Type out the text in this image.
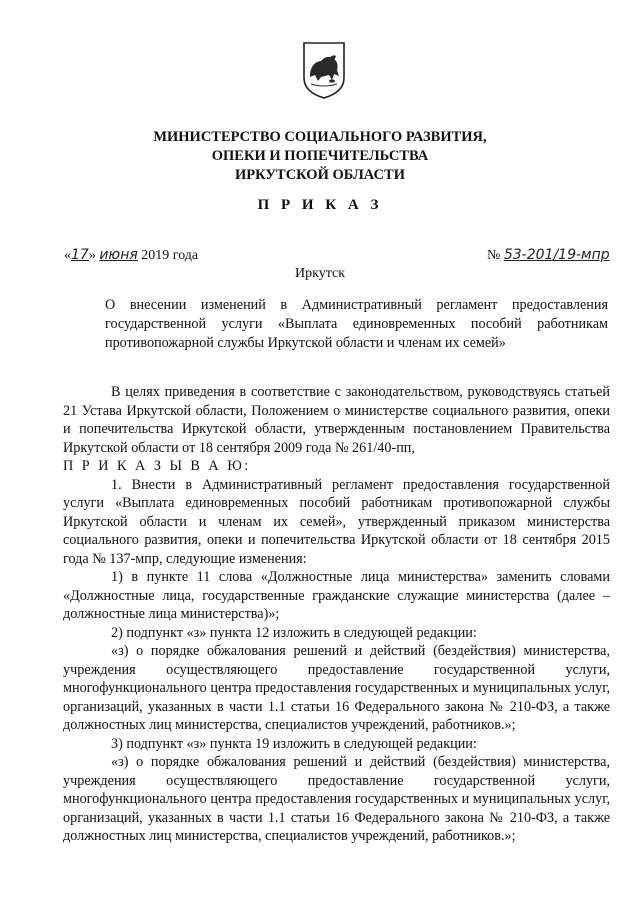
МИНИСТЕРСТВО СОЦИАЛЬНОГО РАЗВИТИЯ,
ОПЕКИ И ПОПЕЧИТЕЛЬСТВА
ИРКУТСКОЙ ОБЛАСТИ
П Р И К А З
«17» июня 2019 года	№ 53-201/19-мпр
Иркутск
О внесении изменений в Административный регламент предоставления государственной услуги «Выплата единовременных пособий работникам противопожарной службы Иркутской области и членам их семей»

В целях приведения в соответствие с законодательством, руководствуясь статьей 21 Устава Иркутской области, Положением о министерстве социального развития, опеки и попечительства Иркутской области, утвержденным постановлением Правительства Иркутской области от 18 сентября 2009 года № 261/40-пп,

П Р И К А З Ы В А Ю:

1. Внести в Административный регламент предоставления государственной услуги «Выплата единовременных пособий работникам противопожарной службы Иркутской области и членам их семей», утвержденный приказом министерства социального развития, опеки и попечительства Иркутской области от 18 сентября 2015 года № 137-мпр, следующие изменения:

1) в пункте 11 слова «Должностные лица министерства» заменить словами «Должностные лица, государственные гражданские служащие министерства (далее – должностные лица министерства)»;

2) подпункт «з» пункта 12 изложить в следующей редакции:

«з) о порядке обжалования решений и действий (бездействия) министерства, учреждения осуществляющего предоставление государственной услуги, многофункционального центра предоставления государственных и муниципальных услуг, организаций, указанных в части 1.1 статьи 16 Федерального закона № 210-ФЗ, а также должностных лиц министерства, специалистов учреждений, работников.»;

3) подпункт «з» пункта 19 изложить в следующей редакции:

«з) о порядке обжалования решений и действий (бездействия) министерства, учреждения осуществляющего предоставление государственной услуги, многофункционального центра предоставления государственных и муниципальных услуг, организаций, указанных в части 1.1 статьи 16 Федерального закона № 210-ФЗ, а также должностных лиц министерства, специалистов учреждений, работников.»;
